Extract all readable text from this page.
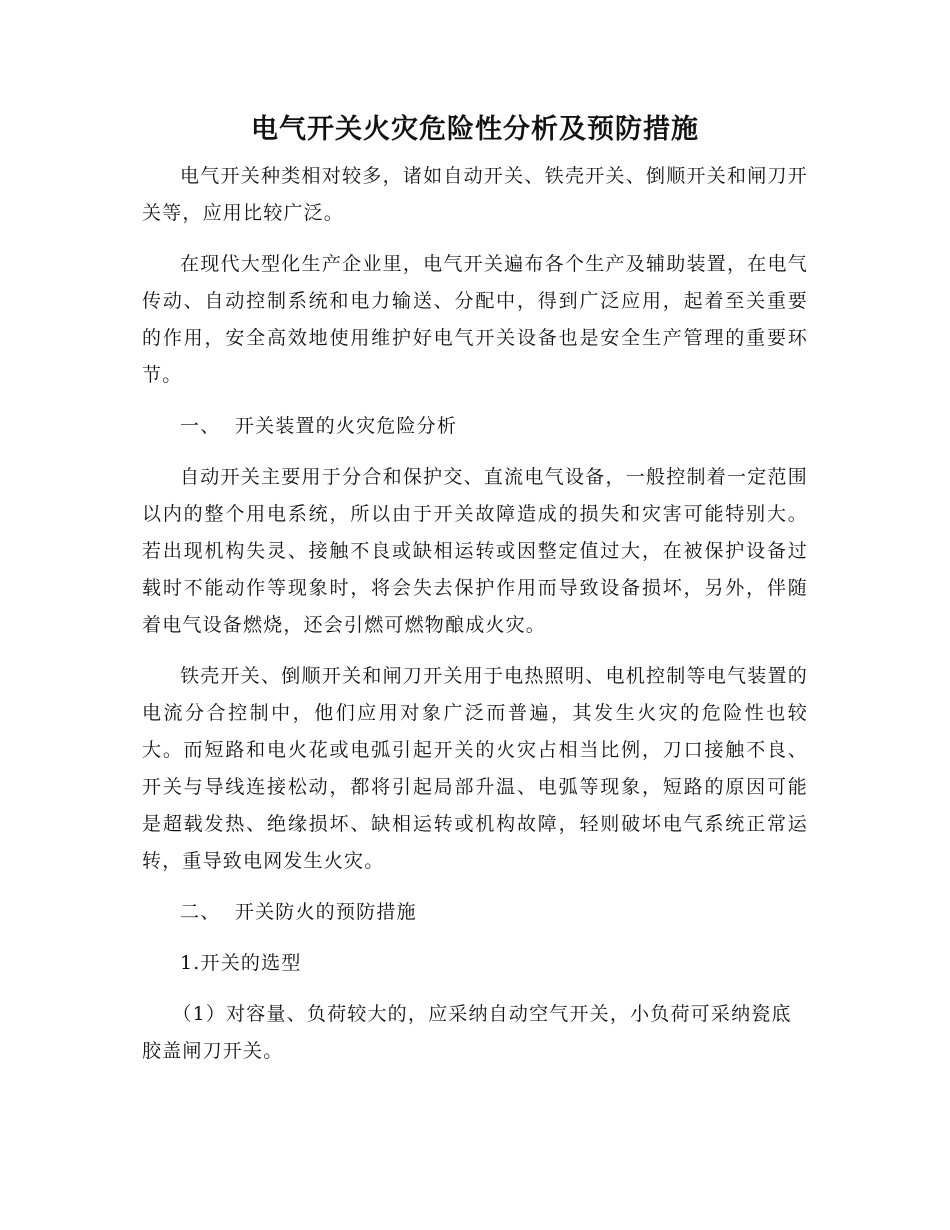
电气开关火灾危险性分析及预防措施

电气开关种类相对较多，诸如自动开关、铁壳开关、倒顺开关和闸刀开关等，应用比较广泛。

在现代大型化生产企业里，电气开关遍布各个生产及辅助装置，在电气传动、自动控制系统和电力输送、分配中，得到广泛应用，起着至关重要的作用，安全高效地使用维护好电气开关设备也是安全生产管理的重要环节。

一、  开关装置的火灾危险分析

自动开关主要用于分合和保护交、直流电气设备，一般控制着一定范围以内的整个用电系统，所以由于开关故障造成的损失和灾害可能特别大。若出现机构失灵、接触不良或缺相运转或因整定值过大，在被保护设备过载时不能动作等现象时，将会失去保护作用而导致设备损坏，另外，伴随着电气设备燃烧，还会引燃可燃物酿成火灾。

铁壳开关、倒顺开关和闸刀开关用于电热照明、电机控制等电气装置的电流分合控制中，他们应用对象广泛而普遍，其发生火灾的危险性也较大。而短路和电火花或电弧引起开关的火灾占相当比例，刀口接触不良、开关与导线连接松动，都将引起局部升温、电弧等现象，短路的原因可能是超载发热、绝缘损坏、缺相运转或机构故障，轻则破坏电气系统正常运转，重导致电网发生火灾。

二、  开关防火的预防措施

1.开关的选型

（1）对容量、负荷较大的，应采纳自动空气开关，小负荷可采纳瓷底胶盖闸刀开关。
